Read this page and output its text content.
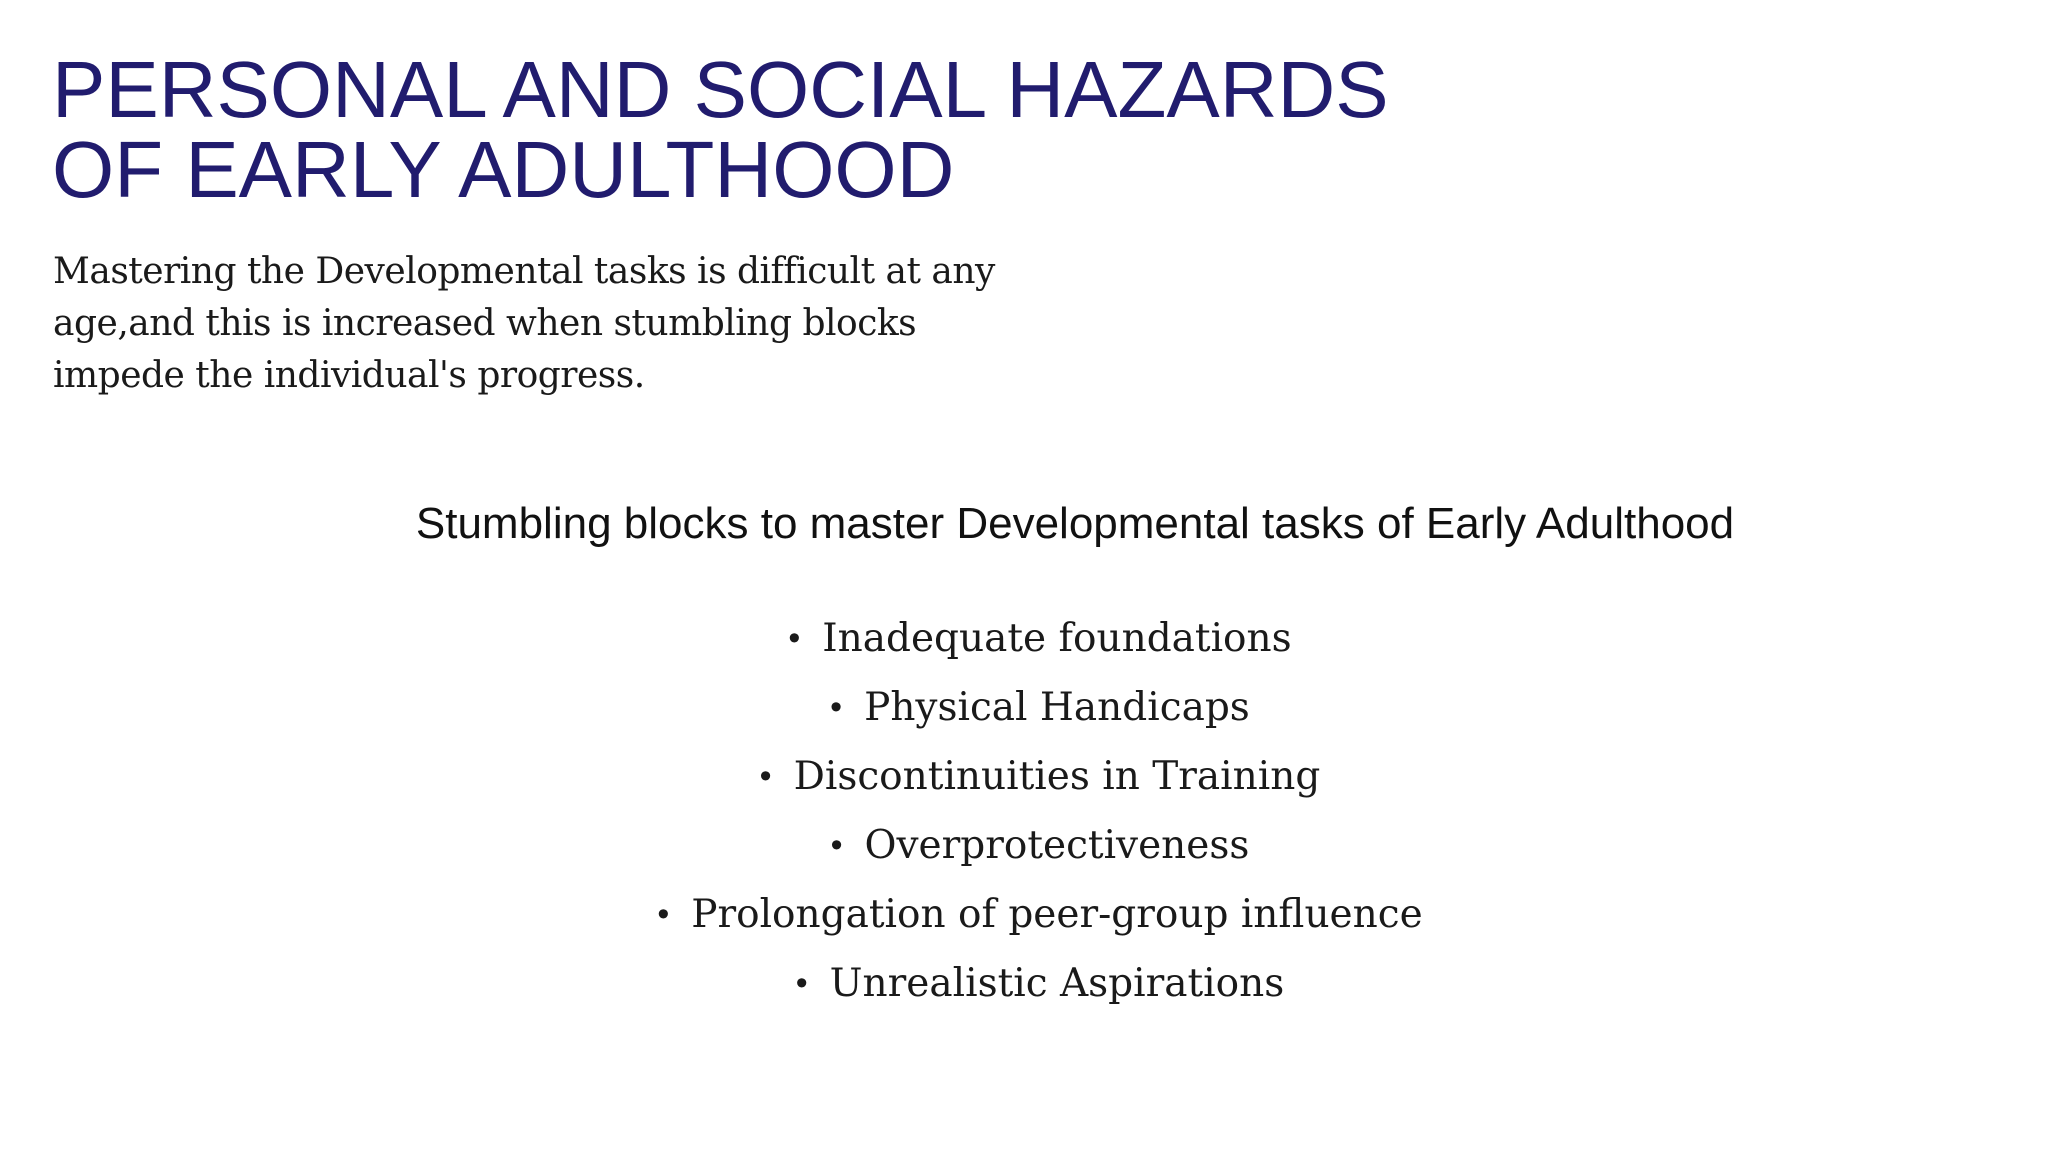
PERSONAL AND SOCIAL HAZARDS
OF EARLY ADULTHOOD

Mastering the Developmental tasks is difficult at any
age,and this is increased when stumbling blocks
impede the individual's progress.

Stumbling blocks to master Developmental tasks of Early Adulthood
• Inadequate foundations
• Physical Handicaps
• Discontinuities in Training
• Overprotectiveness
• Prolongation of peer-group influence
• Unrealistic Aspirations
